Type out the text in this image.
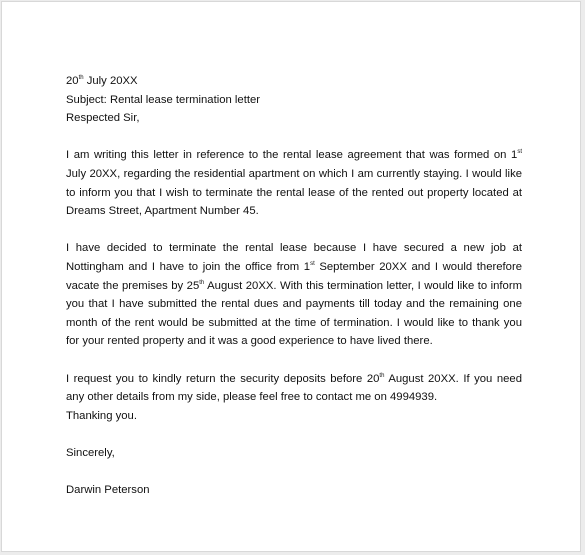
20th July 20XX
Subject: Rental lease termination letter
Respected Sir,
I am writing this letter in reference to the rental lease agreement that was formed on 1st July 20XX, regarding the residential apartment on which I am currently staying. I would like to inform you that I wish to terminate the rental lease of the rented out property located at Dreams Street, Apartment Number 45.
I have decided to terminate the rental lease because I have secured a new job at Nottingham and I have to join the office from 1st September 20XX and I would therefore vacate the premises by 25th August 20XX. With this termination letter, I would like to inform you that I have submitted the rental dues and payments till today and the remaining one month of the rent would be submitted at the time of termination. I would like to thank you for your rented property and it was a good experience to have lived there.
I request you to kindly return the security deposits before 20th August 20XX. If you need any other details from my side, please feel free to contact me on 4994939.
Thanking you.
Sincerely,
Darwin Peterson
